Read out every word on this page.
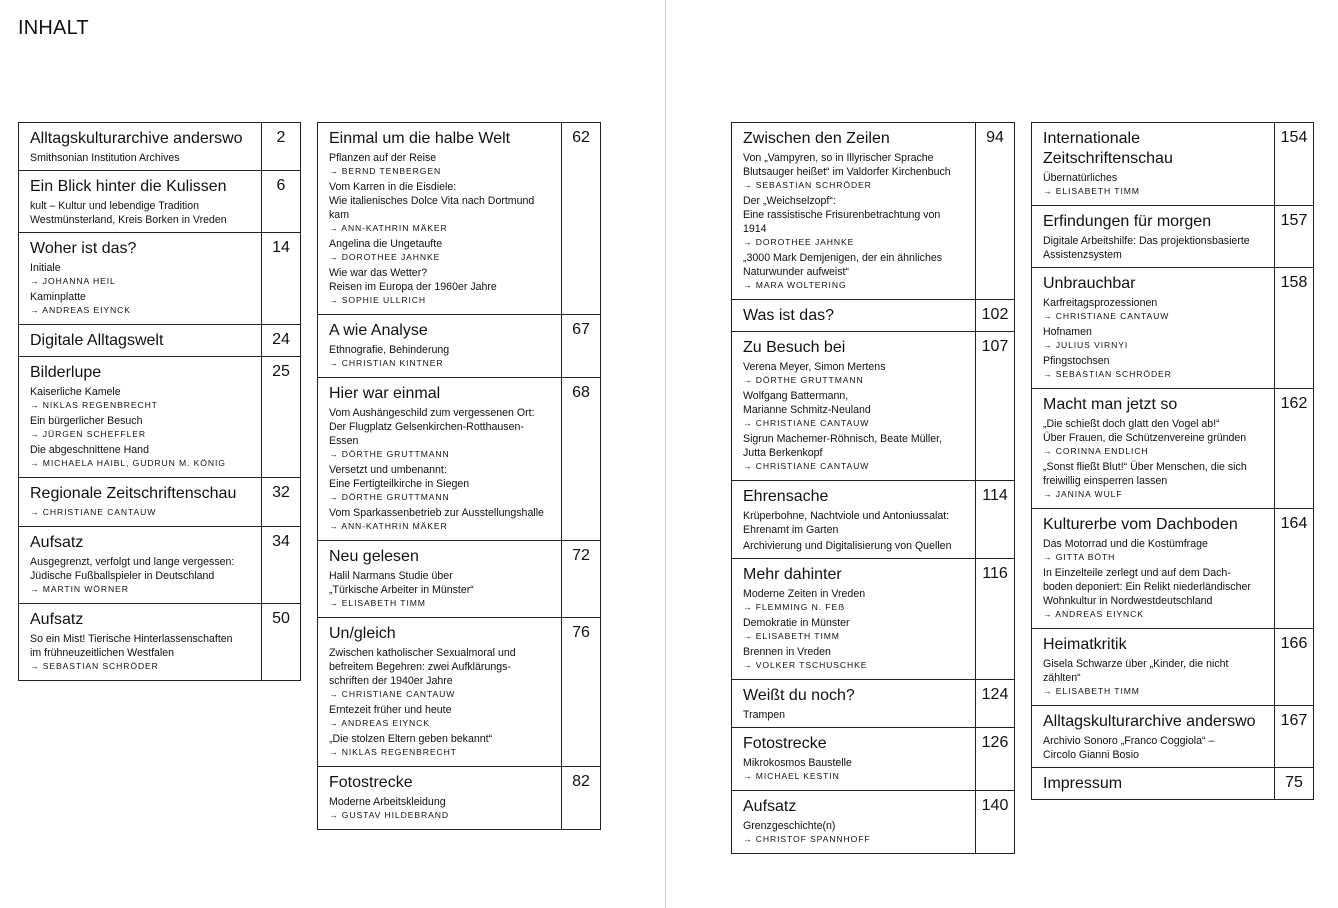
INHALT
Alltagskulturarchive anderswo
Smithsonian Institution Archives
2
Ein Blick hinter die Kulissen
kult – Kultur und lebendige Tradition
Westmünsterland, Kreis Borken in Vreden
6
Woher ist das?
Initiale
→ JOHANNA HEIL
Kaminplatte
→ ANDREAS EIYNCK
14
Digitale Alltagswelt	24
Bilderlupe
Kaiserliche Kamele
→ NIKLAS REGENBRECHT
Ein bürgerlicher Besuch
→ JÜRGEN SCHEFFLER
Die abgeschnittene Hand
→ MICHAELA HAIBL, GUDRUN M. KÖNIG
25
Regionale Zeitschriftenschau
→ CHRISTIANE CANTAUW
32
Aufsatz
Ausgegrenzt, verfolgt und lange vergessen:
Jüdische Fußballspieler in Deutschland
→ MARTIN WÖRNER
34
Aufsatz
So ein Mist! Tierische Hinterlassenschaften
im frühneuzeitlichen Westfalen
→ SEBASTIAN SCHRÖDER
50
Einmal um die halbe Welt
Pflanzen auf der Reise
→ BERND TENBERGEN
Vom Karren in die Eisdiele:
Wie italienisches Dolce Vita nach Dortmund kam
→ ANN-KATHRIN MÄKER
Angelina die Ungetaufte
→ DOROTHEE JAHNKE
Wie war das Wetter?
Reisen im Europa der 1960er Jahre
→ SOPHIE ULLRICH
62
A wie Analyse
Ethnografie, Behinderung
→ CHRISTIAN KINTNER
67
Hier war einmal
Vom Aushängeschild zum vergessenen Ort:
Der Flugplatz Gelsenkirchen-Rotthausen-Essen
→ DÖRTHE GRUTTMANN
Versetzt und umbenannt:
Eine Fertigteilkirche in Siegen
→ DÖRTHE GRUTTMANN
Vom Sparkassenbetrieb zur Ausstellungshalle
→ ANN-KATHRIN MÄKER
68
Neu gelesen
Halil Narmans Studie über
„Türkische Arbeiter in Münster“
→ ELISABETH TIMM
72
Un/gleich
Zwischen katholischer Sexualmoral und
befreitem Begehren: zwei Aufklärungs-
schriften der 1940er Jahre
→ CHRISTIANE CANTAUW
Erntezeit früher und heute
→ ANDREAS EIYNCK
„Die stolzen Eltern geben bekannt“
→ NIKLAS REGENBRECHT
76
Fotostrecke
Moderne Arbeitskleidung
→ GUSTAV HILDEBRAND
82
Zwischen den Zeilen
Von „Vampyren, so in Illyrischer Sprache
Blutsauger heißet“ im Valdorfer Kirchenbuch
→ SEBASTIAN SCHRÖDER
Der „Weichselzopf“:
Eine rassistische Frisurenbetrachtung von 1914
→ DOROTHEE JAHNKE
„3000 Mark Demjenigen, der ein ähnliches
Naturwunder aufweist“
→ MARA WOLTERING
94
Was ist das?	102
Zu Besuch bei
Verena Meyer, Simon Mertens
→ DÖRTHE GRUTTMANN
Wolfgang Battermann,
Marianne Schmitz-Neuland
→ CHRISTIANE CANTAUW
Sigrun Machemer-Röhnisch, Beate Müller,
Jutta Berkenkopf
→ CHRISTIANE CANTAUW
107
Ehrensache
Krüperbohne, Nachtviole und Antoniussalat:
Ehrenamt im Garten
Archivierung und Digitalisierung von Quellen
114
Mehr dahinter
Moderne Zeiten in Vreden
→ FLEMMING N. FEẞ
Demokratie in Münster
→ ELISABETH TIMM
Brennen in Vreden
→ VOLKER TSCHUSCHKE
116
Weißt du noch?
Trampen
124
Fotostrecke
Mikrokosmos Baustelle
→ MICHAEL KESTIN
126
Aufsatz
Grenzgeschichte(n)
→ CHRISTOF SPANNHOFF
140
Internationale Zeitschriftenschau
Übernatürliches
→ ELISABETH TIMM
154
Erfindungen für morgen
Digitale Arbeitshilfe: Das projektionsbasierte
Assistenzsystem
157
Unbrauchbar
Karfreitagsprozessionen
→ CHRISTIANE CANTAUW
Hofnamen
→ JULIUS VIRNYI
Pfingstochsen
→ SEBASTIAN SCHRÖDER
158
Macht man jetzt so
„Die schießt doch glatt den Vogel ab!“
Über Frauen, die Schützenvereine gründen
→ CORINNA ENDLICH
„Sonst fließt Blut!“ Über Menschen, die sich
freiwillig einsperren lassen
→ JANINA WULF
162
Kulturerbe vom Dachboden
Das Motorrad und die Kostümfrage
→ GITTA BÖTH
In Einzelteile zerlegt und auf dem Dach-
boden deponiert: Ein Relikt niederländischer
Wohnkultur in Nordwestdeutschland
→ ANDREAS EIYNCK
164
Heimatkritik
Gisela Schwarze über „Kinder, die nicht zählten“
→ ELISABETH TIMM
166
Alltagskulturarchive anderswo
Archivio Sonoro „Franco Coggiola“ –
Circolo Gianni Bosio
167
Impressum	75
